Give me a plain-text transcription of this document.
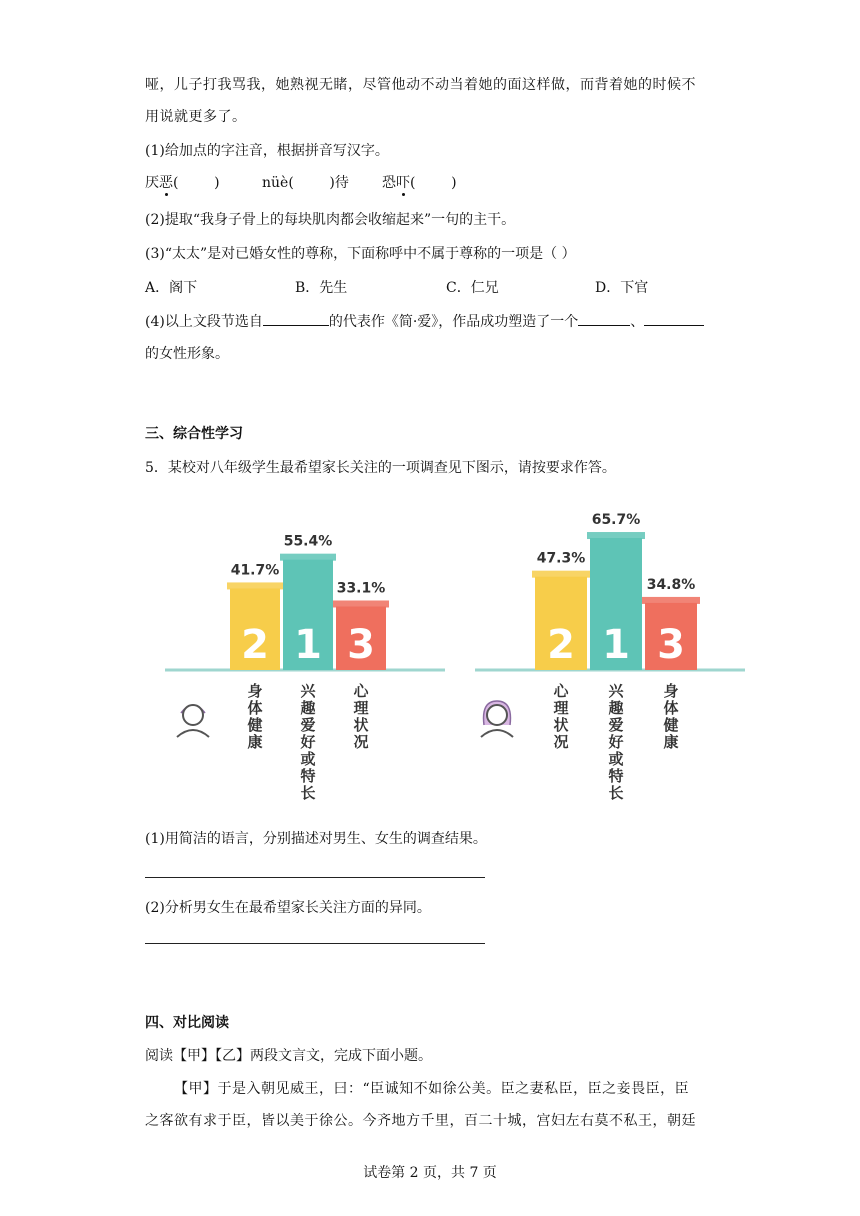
哑，儿子打我骂我，她熟视无睹，尽管他动不动当着她的面这样做，而背着她的时候不
用说就更多了。
(1)给加点的字注音，根据拼音写汉字。
厌恶(        )	nüè(        )待 恐吓(        )
(2)提取“我身子骨上的每块肌肉都会收缩起来”一句的主干。
(3)“太太”是对已婚女性的尊称，下面称呼中不属于尊称的一项是（ ）
A．阁下	B．先生	C．仁兄	D．下官
(4)以上文段节选自	的代表作《简·爱》，作品成功塑造了一个	、
的女性形象。
三、综合性学习
5．某校对八年级学生最希望家长关注的一项调查见下图示，请按要求作答。
2
41.7%
身
体
健
康
1
55.4%
兴
趣
爱
好
或
特
长
3
33.1%
心
理
状
况
2
47.3%
心
理
状
况
1
65.7%
兴
趣
爱
好
或
特
长
3
34.8%
身
体
健
康
(1)用简洁的语言，分别描述对男生、女生的调查结果。
(2)分析男女生在最希望家长关注方面的异同。
四、对比阅读
阅读【甲】【乙】两段文言文，完成下面小题。
【甲】于是入朝见威王，曰：“臣诚知不如徐公美。臣之妻私臣，臣之妾畏臣，臣
之客欲有求于臣，皆以美于徐公。今齐地方千里，百二十城，宫妇左右莫不私王，朝廷
试卷第 2 页，共 7 页
